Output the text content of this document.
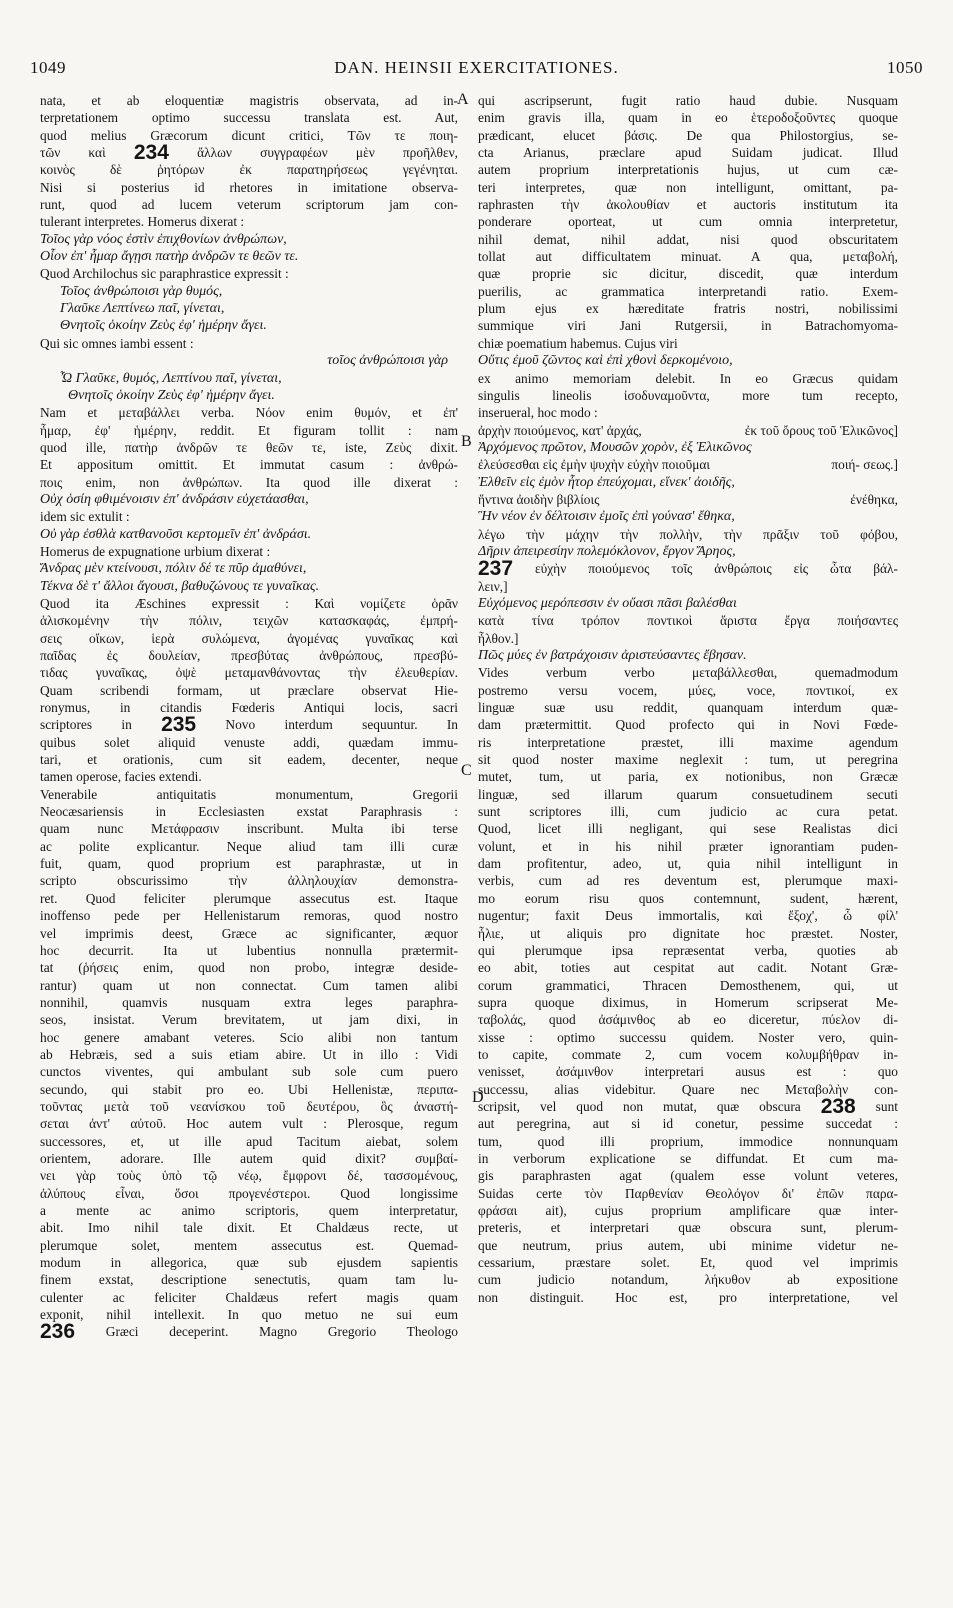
1049	DAN. HEINSII EXERCITATIONES.	1050
A
B
C
D
nata, et ab eloquentiæ magistris observata, ad in-
terpretationem optimo successu translata est. Aut,
quod melius Græcorum dicunt critici, Τῶν τε ποιη-
τῶν καὶ 234 ἄλλων συγγραφέων μὲν προῆλθεν,
κοινὸς δὲ ῥητόρων ἐκ παρατηρήσεως γεγένηται.
Nisi si posterius id rhetores in imitatione observa-
runt, quod ad lucem veterum scriptorum jam con-
tulerant interpretes. Homerus dixerat :
Τοῖος γὰρ νόος ἐστὶν ἐπιχθονίων ἀνθρώπων,
Οἷον ἐπ' ἦμαρ ἄγῃσι πατὴρ ἀνδρῶν τε θεῶν τε.
Quod Archilochus sic paraphrastice expressit :
Τοῖος ἀνθρώποισι γὰρ θυμός,
Γλαῦκε Λεπτίνεω παῖ, γίνεται,
Θνητοῖς ὁκοίην Ζεὺς ἐφ' ἡμέρην ἄγει.
Qui sic omnes iambi essent :
τοῖος ἀνθρώποισι γὰρ
Ὦ Γλαῦκε, θυμός, Λεπτίνου παῖ, γίνεται,
Θνητοῖς ὁκοίην Ζεὺς ἐφ' ἡμέρην ἄγει.
Nam et μεταβάλλει verba. Νόον enim θυμόν, et ἐπ'
ἦμαρ, ἐφ' ἡμέρην, reddit. Et figuram tollit : nam
quod ille, πατὴρ ἀνδρῶν τε θεῶν τε, iste, Ζεὺς dixit.
Et appositum omittit. Et immutat casum : ἀνθρώ-
ποις enim, non ἀνθρώπων. Ita quod ille dixerat :
Οὐχ ὁσίη φθιμένοισιν ἐπ' ἀνδράσιν εὐχετάασθαι,
idem sic extulit :
Οὐ γὰρ ἐσθλὰ κατθανοῦσι κερτομεῖν ἐπ' ἀνδράσι.
Homerus de expugnatione urbium dixerat :
Ἄνδρας μὲν κτείνουσι, πόλιν δέ τε πῦρ ἀμαθύνει,
Τέκνα δὲ τ' ἄλλοι ἄγουσι, βαθυζώνους τε γυναῖκας.
Quod ita Æschines expressit : Καὶ νομίζετε ὁρᾶν
ἁλισκομένην τὴν πόλιν, τειχῶν κατασκαφάς, ἐμπρή-
σεις οἴκων, ἱερὰ συλώμενα, ἀγομένας γυναῖκας καὶ
παῖδας ἐς δουλείαν, πρεσβύτας ἀνθρώπους, πρεσβύ-
τιδας γυναῖκας, ὀψὲ μεταμανθάνοντας τὴν ἐλευθερίαν.
Quam scribendi formam, ut præclare observat Hie-
ronymus, in citandis Fœderis Antiqui locis, sacri
scriptores in 235 Novo interdum sequuntur. In
quibus solet aliquid venuste addi, quædam immu-
tari, et orationis, cum sit eadem, decenter, neque
tamen operose, facies extendi.
Venerabile antiquitatis monumentum, Gregorii
Neocæsariensis in Ecclesiasten exstat Paraphrasis :
quam nunc Μετάφρασιν inscribunt. Multa ibi terse
ac polite explicantur. Neque aliud tam illi curæ
fuit, quam, quod proprium est paraphrastæ, ut in
scripto obscurissimo τὴν ἀλληλουχίαν demonstra-
ret. Quod feliciter plerumque assecutus est. Itaque
inoffenso pede per Hellenistarum remoras, quod nostro
vel imprimis deest, Græce ac significanter, æquor
hoc decurrit. Ita ut lubentius nonnulla prætermit-
tat (ῥήσεις enim, quod non probo, integræ deside-
rantur) quam ut non connectat. Cum tamen alibi
nonnihil, quamvis nusquam extra leges paraphra-
seos, insistat. Verum brevitatem, ut jam dixi, in
hoc genere amabant veteres. Scio alibi non tantum
ab Hebræis, sed a suis etiam abire. Ut in illo : Vidi
cunctos viventes, qui ambulant sub sole cum puero
secundo, qui stabit pro eo. Ubi Hellenistæ, περιπα-
τοῦντας μετὰ τοῦ νεανίσκου τοῦ δευτέρου, ὃς ἀναστή-
σεται ἀντ' αὐτοῦ. Hoc autem vult : Plerosque, regum
successores, et, ut ille apud Tacitum aiebat, solem
orientem, adorare. Ille autem quid dixit? συμβαί-
νει γὰρ τοὺς ὑπὸ τῷ νέῳ, ἔμφρονι δέ, τασσομένους,
ἀλύπους εἶναι, ὅσοι προγενέστεροι. Quod longissime
a mente ac animo scriptoris, quem interpretatur,
abit. Imo nihil tale dixit. Et Chaldæus recte, ut
plerumque solet, mentem assecutus est. Quemad-
modum in allegorica, quæ sub ejusdem sapientis
finem exstat, descriptione senectutis, quam tam lu-
culenter ac feliciter Chaldæus refert magis quam
exponit, nihil intellexit. In quo metuo ne sui eum
236 Græci deceperint. Magno Gregorio Theologo
qui ascripserunt, fugit ratio haud dubie. Nusquam
enim gravis illa, quam in eo ἑτεροδοξοῦντες quoque
prædicant, elucet βάσις. De qua Philostorgius, se-
cta Arianus, præclare apud Suidam judicat. Illud
autem proprium interpretationis hujus, ut cum cæ-
teri interpretes, quæ non intelligunt, omittant, pa-
raphrasten τὴν ἀκολουθίαν et auctoris institutum ita
ponderare oporteat, ut cum omnia interpretetur,
nihil demat, nihil addat, nisi quod obscuritatem
tollat aut difficultatem minuat. A qua, μεταβολή,
quæ proprie sic dicitur, discedit, quæ interdum
puerilis, ac grammatica interpretandi ratio. Exem-
plum ejus ex hæreditate fratris nostri, nobilissimi
summique viri Jani Rutgersii, in Batrachomyoma-
chiæ poematium habemus. Cujus viri
Οὔτις ἐμοῦ ζῶντος καὶ ἐπὶ χθονὶ δερκομένοιο,
ex animo memoriam delebit. In eo Græcus quidam
singulis lineolis ἰσοδυναμοῦντα, more tum recepto,
inserueral, hoc modo :
ἀρχὴν ποιούμενος, κατ' ἀρχάς,	ἐκ τοῦ ὄρους τοῦ Ἑλικῶνος]
Ἀρχόμενος πρῶτον, Μουσῶν χορὸν, ἐξ Ἑλικῶνος
ἐλεύσεσθαι εἰς ἐμὴν ψυχὴν εὐχὴν ποιοῦμαι	ποιή- σεως.]
Ἐλθεῖν εἰς ἐμὸν ἦτορ ἐπεύχομαι, εἵνεκ' ἀοιδῆς,
ἥντινα ἀοιδὴν βιβλίοις	ἐνέθηκα,
Ἣν νέον ἐν δέλτοισιν ἐμοῖς ἐπὶ γούνασ' ἔθηκα,
λέγω τὴν μάχην τὴν πολλὴν, τὴν πρᾶξιν τοῦ φόβου,
Δῆριν ἀπειρεσίην πολεμόκλονον, ἔργον Ἄρηος,
237 εὐχὴν ποιούμενος τοῖς ἀνθρώποις εἰς ὦτα βάλ-
λειν,]
Εὐχόμενος μερόπεσσιν ἐν οὔασι πᾶσι βαλέσθαι
κατὰ τίνα τρόπον ποντικοὶ ἄριστα ἔργα ποιήσαντες
ἦλθον.]
Πῶς μύες ἐν βατράχοισιν ἀριστεύσαντες ἔβησαν.
Vides verbum verbo μεταβάλλεσθαι, quemadmodum
postremo versu vocem, μύες, voce, ποντικοί, ex
linguæ suæ usu reddit, quanquam interdum quæ-
dam prætermittit. Quod profecto qui in Novi Fœde-
ris interpretatione præstet, illi maxime agendum
sit quod noster maxime neglexit : tum, ut peregrina
mutet, tum, ut paria, ex notionibus, non Græcæ
linguæ, sed illarum quarum consuetudinem secuti
sunt scriptores illi, cum judicio ac cura petat.
Quod, licet illi negligant, qui sese Realistas dici
volunt, et in his nihil præter ignorantiam puden-
dam profitentur, adeo, ut, quia nihil intelligunt in
verbis, cum ad res deventum est, plerumque maxi-
mo eorum risu quos contemnunt, sudent, hærent,
nugentur; faxit Deus immortalis, καὶ ἔξοχ', ὦ φίλ'
ἦλιε, ut aliquis pro dignitate hoc præstet. Noster,
qui plerumque ipsa repræsentat verba, quoties ab
eo abit, toties aut cespitat aut cadit. Notant Græ-
corum grammatici, Thracen Demosthenem, qui, ut
supra quoque diximus, in Homerum scripserat Me-
ταβολάς, quod ἀσάμινθος ab eo diceretur, πύελον di-
xisse : optimo successu quidem. Noster vero, quin-
to capite, commate 2, cum vocem κολυμβήθραν in-
venisset, ἀσάμινθον interpretari ausus est : quo
successu, alias videbitur. Quare nec Μεταβολὴν con-
scripsit, vel quod non mutat, quæ obscura 238 sunt
aut peregrina, aut si id conetur, pessime succedat :
tum, quod illi proprium, immodice nonnunquam
in verborum explicatione se diffundat. Et cum ma-
gis paraphrasten agat (qualem esse volunt veteres,
Suidas certe τὸν Παρθενίαν Θεολόγον δι' ἐπῶν παρα-
φράσαι ait), cujus proprium amplificare quæ inter-
preteris, et interpretari quæ obscura sunt, plerum-
que neutrum, prius autem, ubi minime videtur ne-
cessarium, præstare solet. Et, quod vel imprimis
cum judicio notandum, λήκυθον ab expositione
non distinguit. Hoc est, pro interpretatione, vel
